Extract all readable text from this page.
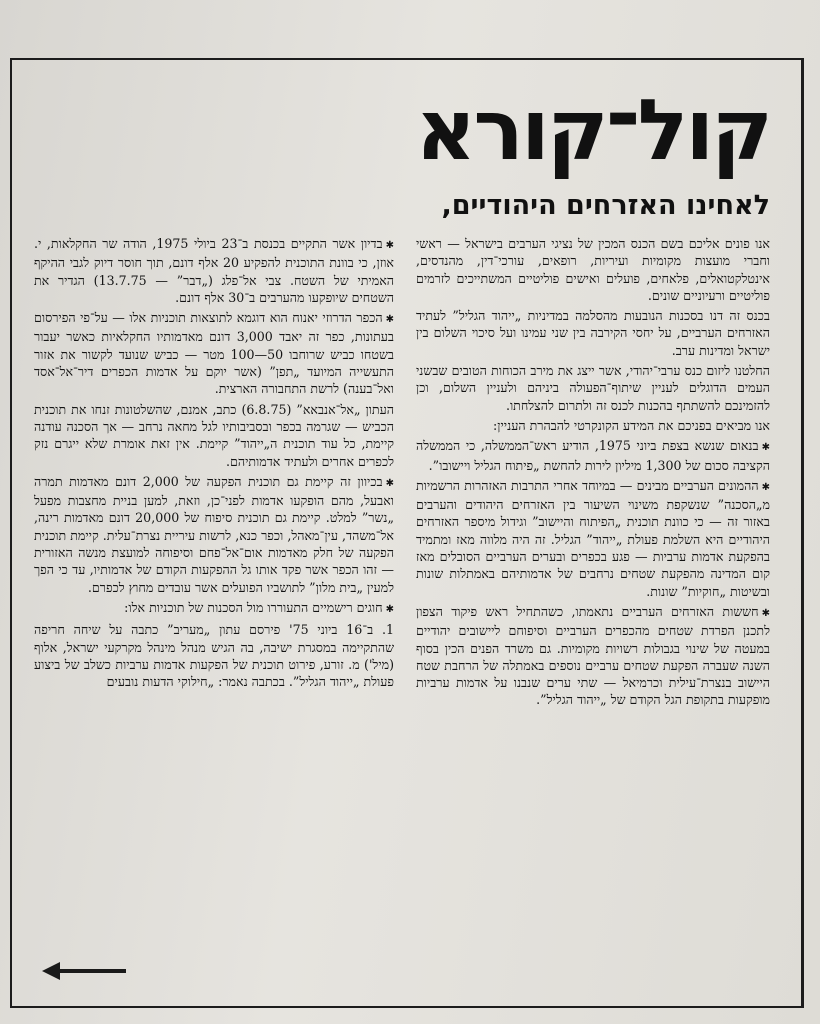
קול־קורא
לאחינו האזרחים היהודיים,

אנו פונים אליכם בשם הכנס המכין של נציגי הערבים בישראל — ראשי וחברי מועצות מקומיות ועיריות, רופאים, עורכי־דין, מהנדסים, אינטלקטואלים, פלאחים, פועלים ואישים פוליטיים המשתייכים לזרמים פוליטיים ורעיוניים שונים.

בכנס זה דנו בסכנות הנובעות מהסלמה במדיניות „ייהוד הגליל” לעתיד האזרחים הערביים, על יחסי הקירבה בין שני עמינו ועל סיכוי השלום בין ישראל ומדינות ערב.

החלטנו ליזום כנס ערבי־יהודי, אשר ייצג את מירב הכוחות הטובים שבשני העמים הדוגלים לעניין שיתוף־הפעולה ביניהם ולעניין השלום, וכן להזמינכם להשתתף בהכנות לכנס זה ולתרום להצלחתו.

אנו מביאים בפניכם את המידע הקונקרטי להבהרת העניין:

✱בנאום שנשא בצפת ביוני 1975, הודיע ראש־הממשלה, כי הממשלה הקציבה סכום של 1,300 מיליון לירות להחשת „פיתוח הגליל ויישובו”.

✱ההמונים הערביים מבינים — במיוחד אחרי התרבות האזהרות הרשמיות מ„הסכנה” שנשקפת משינוי השיעור בין האזרחים היהודים והערבים באזור זה — כי כוונת תוכנית „הפיתוח והיישוב” וגידול מיספר האזרחים היהודיים היא השלמת פעולת „ייהוד” הגליל. זה היה מלווה מאז ומתמיד בהפקעת אדמות ערביות — פגע בכפרים ובערים הערביים הסובלים מאז קום המדינה מהפקעת שטחים נרחבים של אדמותיהם באמתלות שונות ובשיטות „חוקיות” שונות.

✱חששות האזרחים הערביים נתאמתו, כשהתחיל ראש פיקוד הצפון לתכנן הפרדת שטחים מהכפרים הערביים וסיפוחם ליישובים יהודיים במעטה של שינוי בגבולות רשויות מקומיות. גם משרד הפנים הכין בסוף השנה שעברה הפקעת שטחים ערביים נוספים באמתלה של הרחבת שטח היישוב בנצרת־עילית וכרמיאל — שתי ערים שנבנו על אדמות ערביות מופקעות בתקופת הגל הקודם של „ייהוד הגליל”.

✱בדיון אשר התקיים בכנסת ב־23 ביולי 1975, הודה שר החקלאות, י. אוזן, כי בוונת התוכנית להפקיע 20 אלף דונם, תוך חוסר דיוק לגבי ההיקף האמיתי של השטח. צבי אל־פלג („דבר” — 13.7.75) הגדיר את השטחים שיופקעו מהערבים ב־30 אלף דונם.

✱הכפר הדרוזי יאנוח הוא דוגמא לתוצאות תוכניות אלו — על־פי הפירסום בעתונות, כפר זה יאבד 3,000 דונם מאדמותיו החקלאיות כאשר יעבור בשטחו כביש שרוחבו 50—100 מטר — כביש שנועד לקשור את אזור התעשייה המיועד „תפן” (אשר יוקם על אדמות הכפרים דיר־אל־אסד ואל־בענה) לרשת התחבורה הארצית.

העתון „אל־אנבאא” (6.8.75) כתב, אמנם, שהשלטונות זנחו את תוכנית הכביש — שגרמה בכפר ובסביבותיו לגל מחאה נרחב — אך הסכנה עודנה קיימת, כל עוד תוכנית ה„ייהוד” קיימת. אין זאת אומרת שלא ייגרם נזק לכפרים אחרים ולעתיד אדמותיהם.

✱בכיוון זה קיימת גם תוכנית הפקעה של 2,000 דונם מאדמות תמרה ואבעל, מהם הופקעו אדמות לפני־כן, וזאת, למען בניית מחצבות מפעל „נשר” למלט. קיימת גם תוכנית סיפוח של 20,000 דונם מאדמות רינה, אל־משהד, עין־מאהל, וכפר כנא, לרשות עיריית נצרת־עלית. קיימת תוכנית הפקעה של חלק מאדמות אום־אל־פחם וסיפוחה למועצת מנשה האזורית — זהו הכפר אשר פקד אותו גל ההפקעות הקודם של אדמותיו, עד כי הפך למעין „בית מלון” לתושביו הפועלים אשר עובדים מחוץ לכפרם.

✱חוגים רישמיים התעוררו מול הסכנות של תוכניות אלו:

1. ב־16 ביוני 75' פירסם עתון „מעריב” כתבה על שיחה חריפה שהתקיימה במסגרת ישיבה, בה הגיש מנהל מינהל מקרקעי ישראל, אלוף (מיל') מ. זורע, פירוט תוכנית של הפקעות אדמות ערביות כשלב של ביצוע פעולת „ייהוד הגליל”. בכתבה נאמר: „חילוקי הדעות נובעים
